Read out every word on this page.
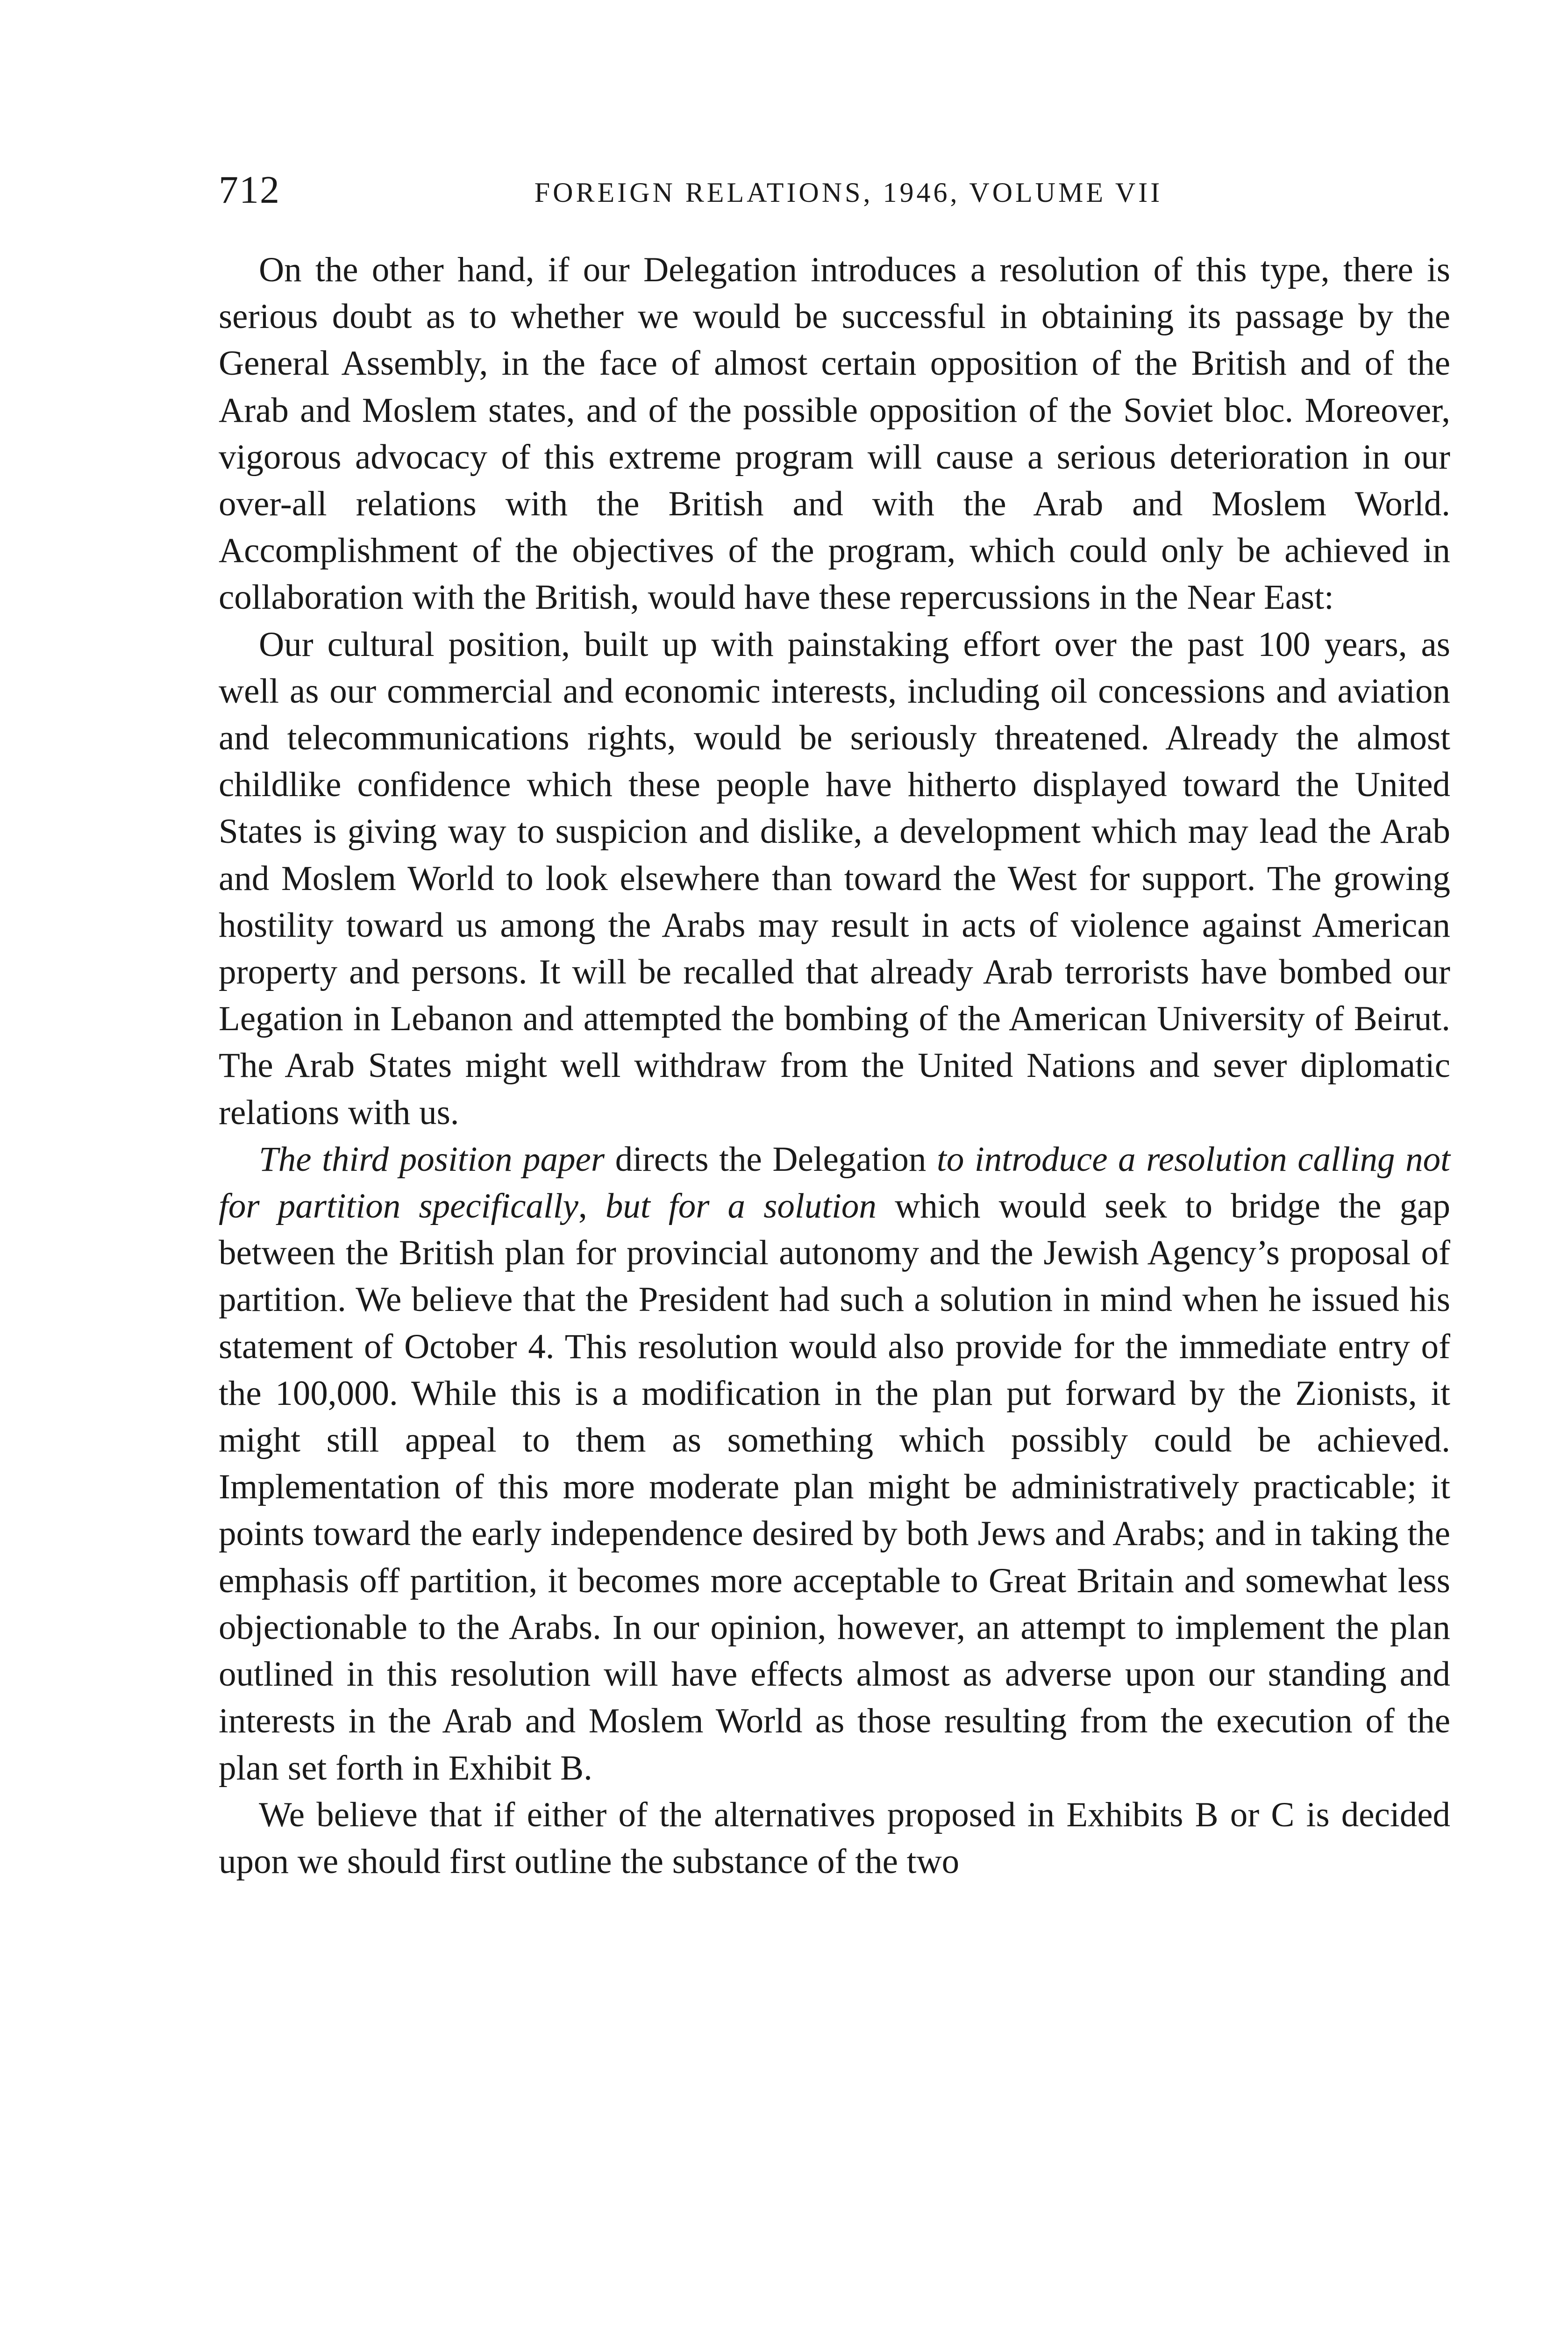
712	FOREIGN RELATIONS, 1946, VOLUME VII

On the other hand, if our Delegation introduces a resolution of this type, there is serious doubt as to whether we would be successful in obtaining its passage by the General Assembly, in the face of almost certain opposition of the British and of the Arab and Moslem states, and of the possible opposition of the Soviet bloc. Moreover, vigorous advocacy of this extreme program will cause a serious deterioration in our over-all relations with the British and with the Arab and Moslem World. Accomplishment of the objectives of the program, which could only be achieved in collaboration with the British, would have these repercussions in the Near East:

Our cultural position, built up with painstaking effort over the past 100 years, as well as our commercial and economic interests, including oil concessions and aviation and telecommunications rights, would be seriously threatened. Already the almost childlike confidence which these people have hitherto displayed toward the United States is giving way to suspicion and dislike, a development which may lead the Arab and Moslem World to look elsewhere than toward the West for support. The growing hostility toward us among the Arabs may result in acts of violence against American property and persons. It will be recalled that already Arab terrorists have bombed our Legation in Lebanon and attempted the bombing of the American University of Beirut. The Arab States might well withdraw from the United Nations and sever diplomatic relations with us.

The third position paper directs the Delegation to introduce a resolution calling not for partition specifically, but for a solution which would seek to bridge the gap between the British plan for provincial autonomy and the Jewish Agency’s proposal of partition. We believe that the President had such a solution in mind when he issued his statement of October 4. This resolution would also provide for the immediate entry of the 100,000. While this is a modification in the plan put forward by the Zionists, it might still appeal to them as something which possibly could be achieved. Implementation of this more moderate plan might be administratively practicable; it points toward the early independence desired by both Jews and Arabs; and in taking the emphasis off partition, it becomes more acceptable to Great Britain and somewhat less objectionable to the Arabs. In our opinion, however, an attempt to implement the plan outlined in this resolution will have effects almost as adverse upon our standing and interests in the Arab and Moslem World as those resulting from the execution of the plan set forth in Exhibit B.

We believe that if either of the alternatives proposed in Exhibits B or C is decided upon we should first outline the substance of the two
